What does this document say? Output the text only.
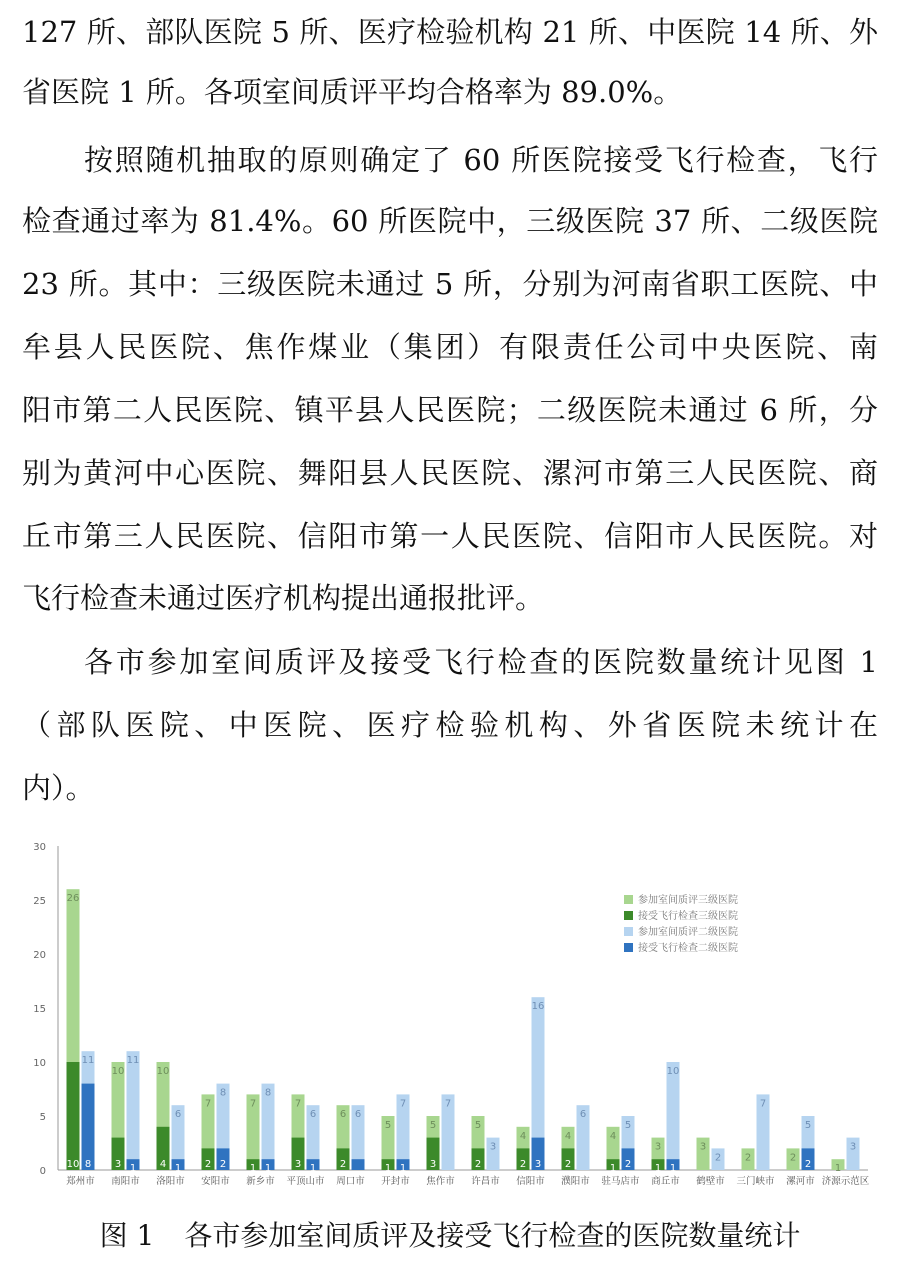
127 所、部队医院 5 所、医疗检验机构 21 所、中医院 14 所、外
省医院 1 所。各项室间质评平均合格率为 89.0%。
按照随机抽取的原则确定了 60 所医院接受飞行检查，飞行
检查通过率为 81.4%。60 所医院中，三级医院 37 所、二级医院
23 所。其中：三级医院未通过 5 所，分别为河南省职工医院、中
牟县人民医院、焦作煤业（集团）有限责任公司中央医院、南
阳市第二人民医院、镇平县人民医院；二级医院未通过 6 所，分
别为黄河中心医院、舞阳县人民医院、漯河市第三人民医院、商
丘市第三人民医院、信阳市第一人民医院、信阳市人民医院。对
飞行检查未通过医疗机构提出通报批评。
各市参加室间质评及接受飞行检查的医院数量统计见图 1
（部队医院、中医院、医疗检验机构、外省医院未统计在
内）。
0
5
10
15
20
25
30
26
10
11
8
郑州市
10
3
11
1
南阳市
10
4
6
1
洛阳市
7
2
8
2
安阳市
7
1
8
1
新乡市
7
3
6
1
平顶山市
6
2
6
周口市
5
1
7
1
开封市
5
3
7
焦作市
5
2
3
许昌市
4
2
16
3
信阳市
4
2
6
濮阳市
4
1
5
2
驻马店市
3
1
10
1
商丘市
3
2
鹤壁市
2
7
三门峡市
2
5
2
漯河市
1
3
济源示范区
参加室间质评三级医院
接受飞行检查三级医院
参加室间质评二级医院
接受飞行检查二级医院
图 1 各市参加室间质评及接受飞行检查的医院数量统计
